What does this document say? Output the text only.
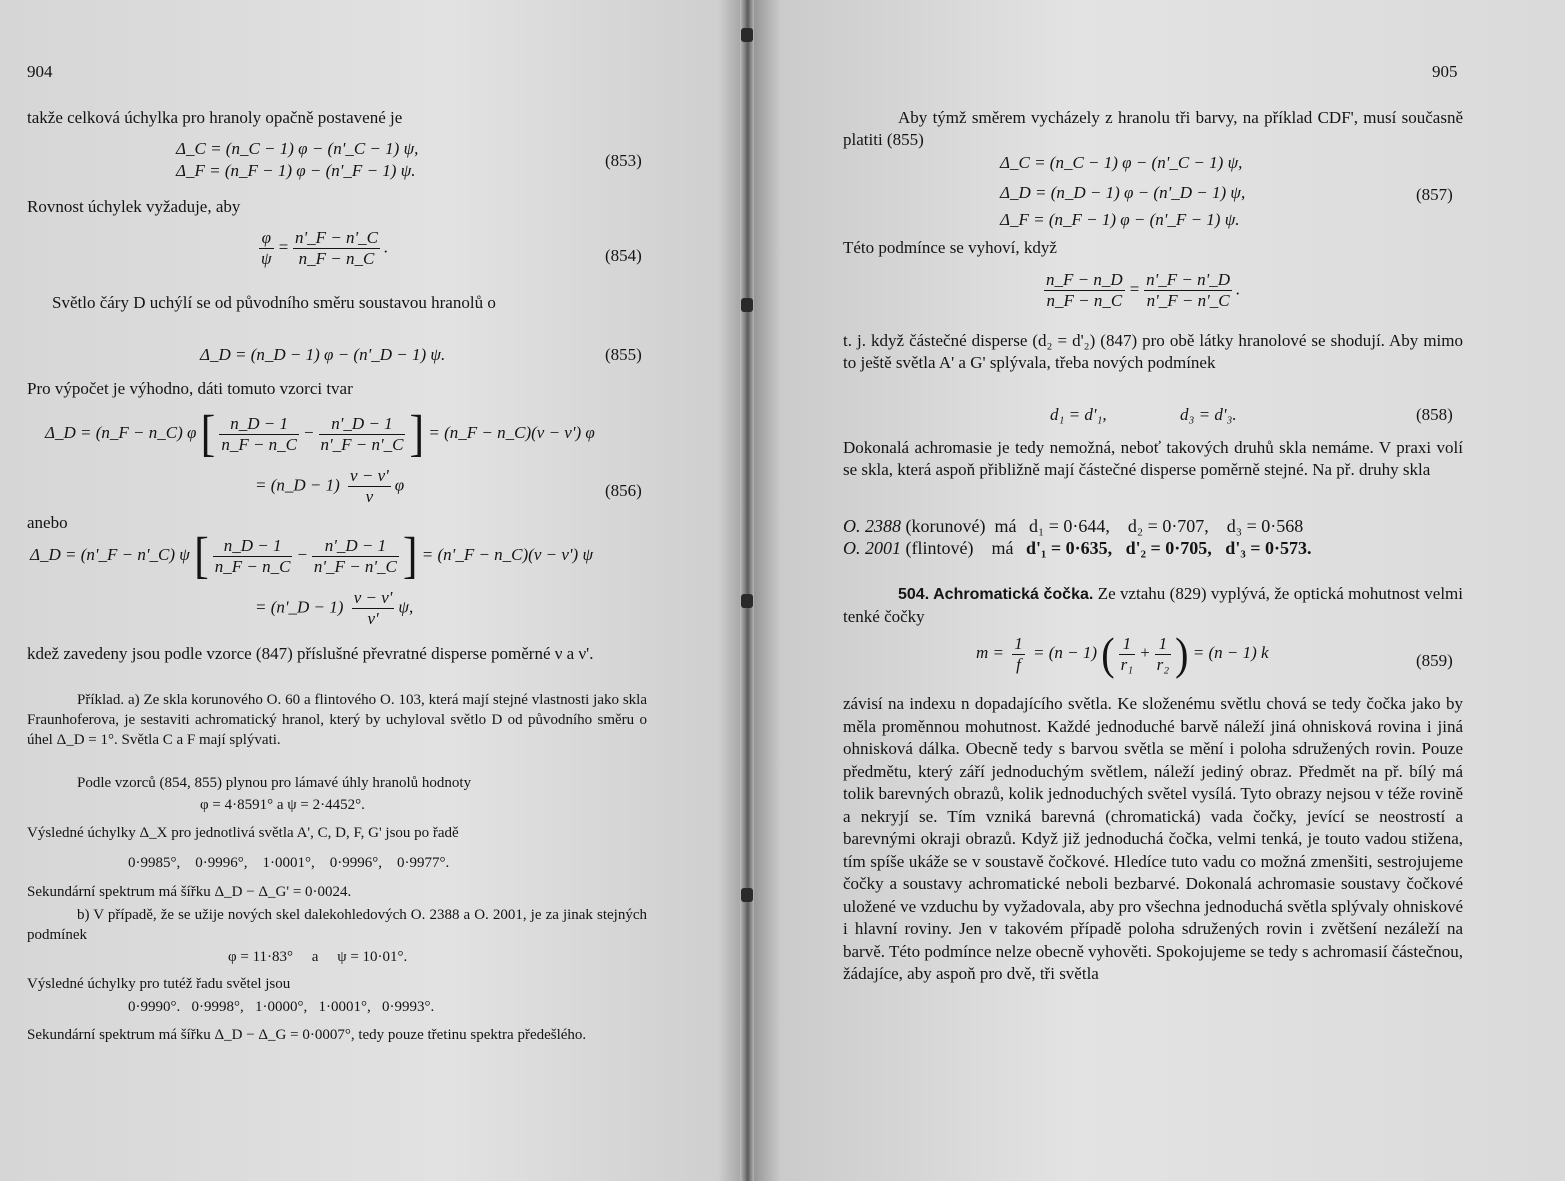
904
takže celková úchylka pro hranoly opačně postavené je
Δ_C = (n_C − 1) φ − (n'_C − 1) ψ,
Δ_F = (n_F − 1) φ − (n'_F − 1) ψ.
(853)
Rovnost úchylek vyžaduje, aby
$\frac{\varphi}{\psi} = \frac{n'\_F - n'\_C}{n\_F - n\_C}$ .	(854)
Světlo čáry D uchýlí se od původního směru soustavou hranolů o
Δ_D = (n_D − 1) φ − (n'_D − 1) ψ.	(855)
Pro výpočet je výhodno, dáti tomuto vzorci tvar
Δ_D = (n_F − n_C) φ [ $\frac{n\_D - 1}{n\_F - n\_C} - \frac{n'\_D - 1}{n'\_F - n'\_C}$ ] = (n_F − n_C)(ν − ν') φ
= (n_D − $1) \frac{\nu - \nu'}{\nu}$ φ	(856)
anebo
Δ_D = (n'_F − n'_C) ψ [ $\frac{n\_D - 1}{n\_F - n\_C} - \frac{n'\_D - 1}{n'\_F - n'\_C}$ ] = (n'_F − n_C)(ν − ν') ψ
= (n'_D − $1) \frac{\nu - \nu'}{\nu'} \psi$,
kdež zavedeny jsou podle vzorce (847) příslušné převratné disperse poměrné ν a ν'.
Příklad. a) Ze skla korunového O. 60 a flintového O. 103, která mají stejné vlastnosti jako skla Fraunhoferova, je sestaviti achromatický hranol, který by uchyloval světlo D od původního směru o úhel Δ_D = 1°. Světla C a F mají splývati.
Podle vzorců (854, 855) plynou pro lámavé úhly hranolů hodnoty
φ = 4·8591° a ψ = 2·4452°.
Výsledné úchylky Δ_X pro jednotlivá světla A', C, D, F, G' jsou po řadě
0·9985°,    0·9996°,    1·0001°,    0·9996°,    0·9977°.
Sekundární spektrum má šířku Δ_D − Δ_G' = 0·0024.
b) V případě, že se užije nových skel dalekohledových O. 2388 a O. 2001, je za jinak stejných podmínek
φ = 11·83°     a     ψ = 10·01°.
Výsledné úchylky pro tutéž řadu světel jsou
0·9990°.   0·9998°,   1·0000°,   1·0001°,   0·9993°.
Sekundární spektrum má šířku Δ_D − Δ_G = 0·0007°, tedy pouze třetinu spektra předešlého.
905
Aby týmž směrem vycházely z hranolu tři barvy, na příklad CDF', musí současně platiti (855)
Δ_C = (n_C − 1) φ − (n'_C − 1) ψ,
Δ_D = (n_D − 1) φ − (n'_D − 1) ψ,
Δ_F = (n_F − 1) φ − (n'_F − 1) ψ.
(857)
Této podmínce se vyhoví, když
$\frac{n\_F - n\_D}{n\_F - n\_C} = \frac{n'\_F - n'\_D}{n'\_F - n'\_C}$ .
t. j. když částečné disperse (d₂ = d'₂) (847) pro obě látky hranolové se shodují. Aby mimo to ještě světla A' a G' splývala, třeba nových podmínek
d₁ = d'₁,	d₃ = d'₃.	(858)
Dokonalá achromasie je tedy nemožná, neboť takových druhů skla nemáme. V praxi volí se skla, která aspoň přibližně mají částečné disperse poměrně stejné. Na př. druhy skla
O. 2388 (korunové)  má d₁ = 0·644,    d₂ = 0·707,    d₃ = 0·568
O. 2001 (flintové)    má d'₁ = 0·635,   d'₂ = 0·705,   d'₃ = 0·573.
504. Achromatická čočka. Ze vztahu (829) vyplývá, že optická mohutnost velmi tenké čočky
$m = \frac{1}{f} = (n - 1)$ ( $\frac{1}{\text{r₁}} + \frac{1}{\text{r₂}}$ ) = (n − 1) k	(859)
závisí na indexu n dopadajícího světla. Ke složenému světlu chová se tedy čočka jako by měla proměnnou mohutnost. Každé jednoduché barvě náleží jiná ohnisková rovina i jiná ohnisková dálka. Obecně tedy s barvou světla se mění i poloha sdružených rovin. Pouze předmětu, který září jednoduchým světlem, náleží jediný obraz. Předmět na př. bílý má tolik barevných obrazů, kolik jednoduchých světel vysílá. Tyto obrazy nejsou v téže rovině a nekryjí se. Tím vzniká barevná (chromatická) vada čočky, jevící se neostrostí a barevnými okraji obrazů. Když již jednoduchá čočka, velmi tenká, je touto vadou stižena, tím spíše ukáže se v soustavě čočkové. Hledíce tuto vadu co možná zmenšiti, sestrojujeme čočky a soustavy achromatické neboli bezbarvé. Dokonalá achromasie soustavy čočkové uložené ve vzduchu by vyžadovala, aby pro všechna jednoduchá světla splývaly ohniskové i hlavní roviny. Jen v takovém případě poloha sdružených rovin i zvětšení nezáleží na barvě. Této podmínce nelze obecně vyhověti. Spokojujeme se tedy s achromasií částečnou, žádajíce, aby aspoň pro dvě, tři světla
